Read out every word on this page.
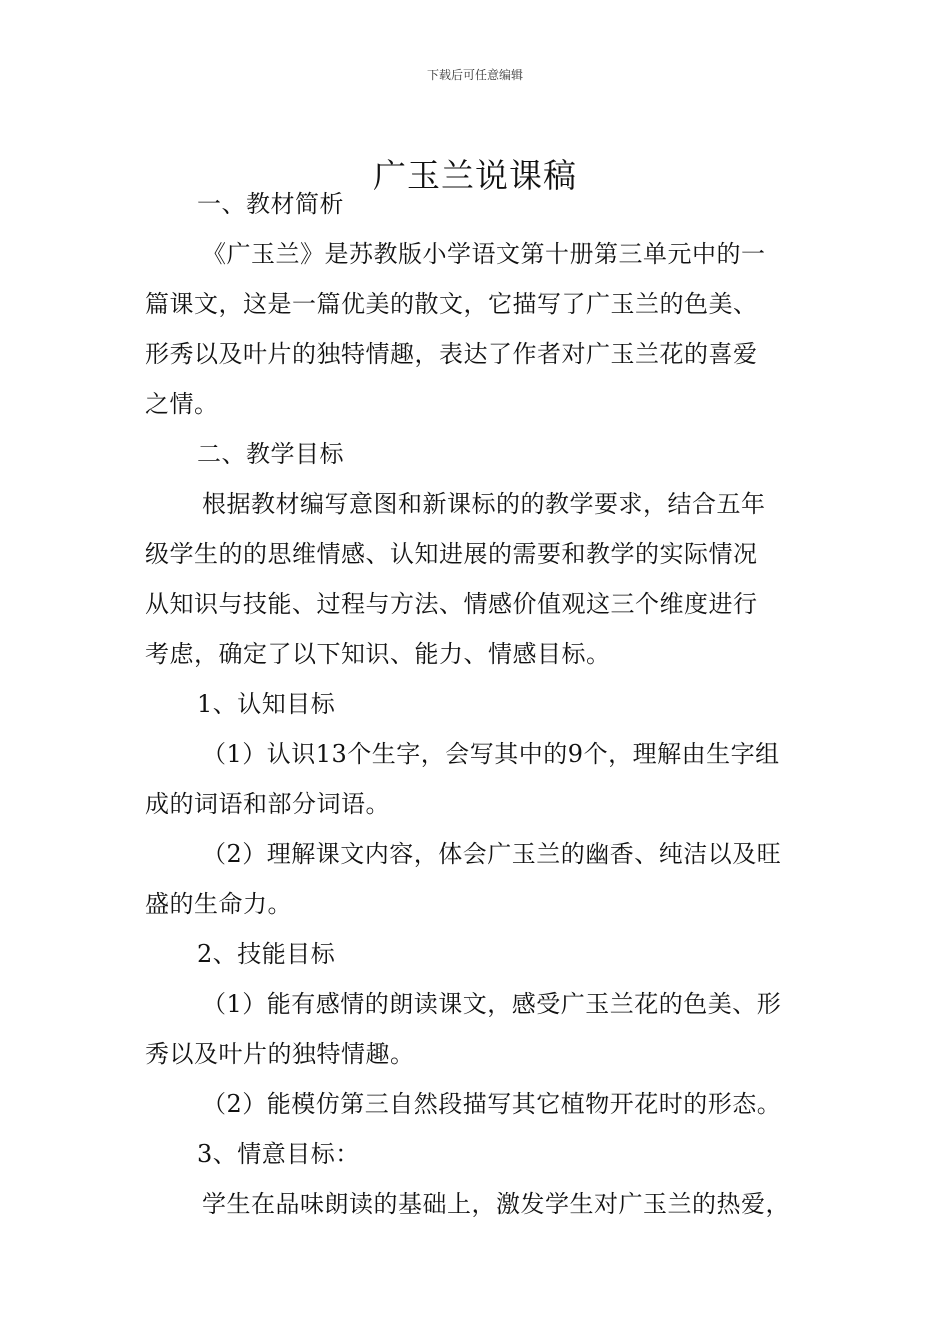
下载后可任意编辑
广玉兰说课稿
一、教材简析
《广玉兰》是苏教版小学语文第十册第三单元中的一
篇课文，这是一篇优美的散文，它描写了广玉兰的色美、
形秀以及叶片的独特情趣，表达了作者对广玉兰花的喜爱
之情。
二、教学目标
根据教材编写意图和新课标的的教学要求，结合五年
级学生的的思维情感、认知进展的需要和教学的实际情况
从知识与技能、过程与方法、情感价值观这三个维度进行
考虑，确定了以下知识、能力、情感目标。
1、认知目标
（1）认识13个生字，会写其中的9个，理解由生字组
成的词语和部分词语。
（2）理解课文内容，体会广玉兰的幽香、纯洁以及旺
盛的生命力。
2、技能目标
（1）能有感情的朗读课文，感受广玉兰花的色美、形
秀以及叶片的独特情趣。
（2）能模仿第三自然段描写其它植物开花时的形态。
3、情意目标：
学生在品味朗读的基础上，激发学生对广玉兰的热爱，
